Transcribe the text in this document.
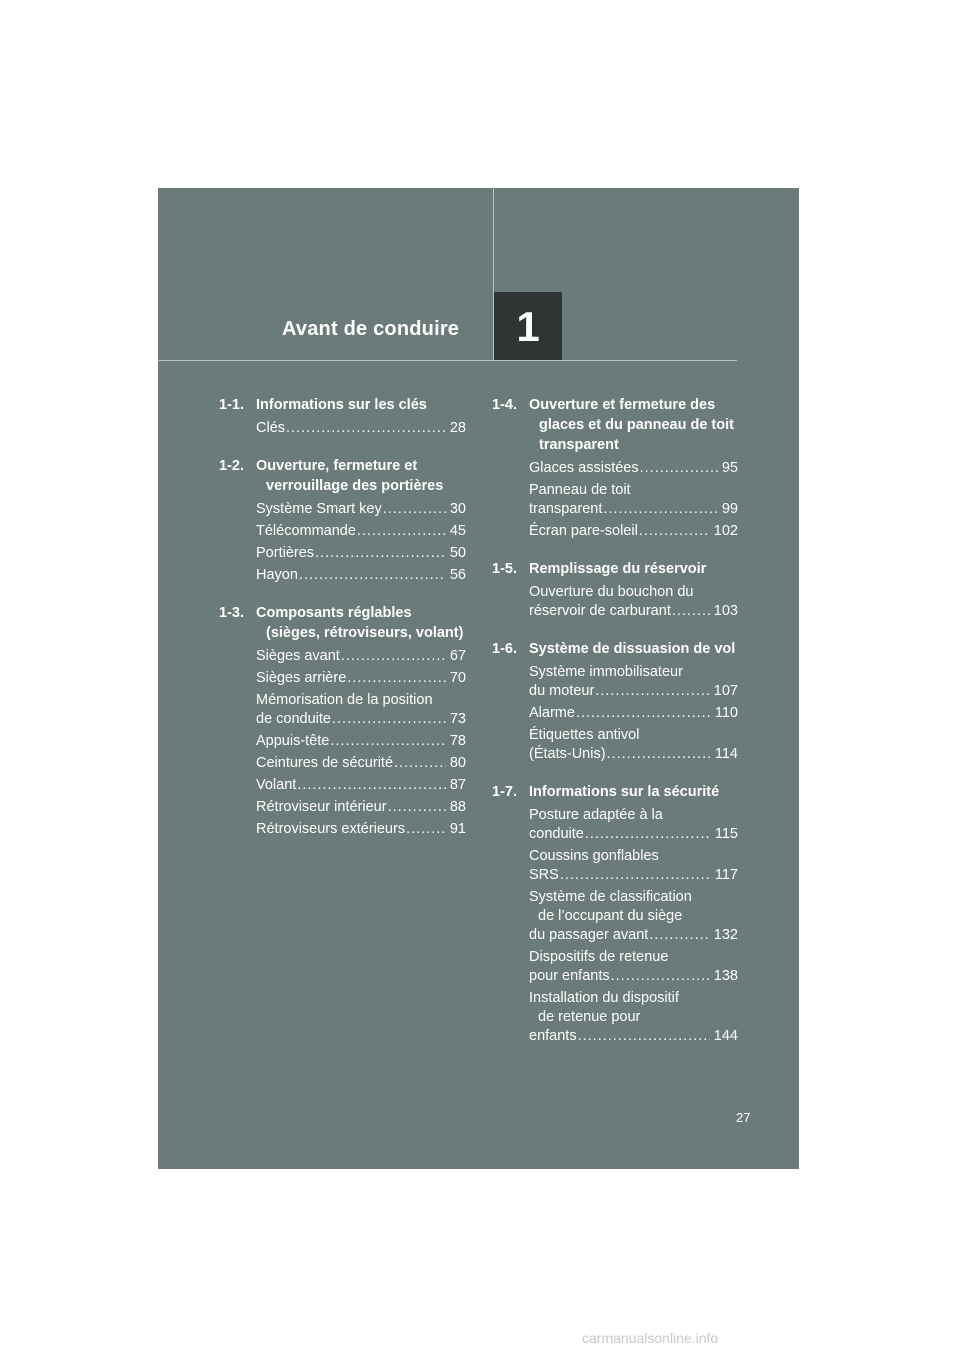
Avant de conduire	1
1-1. Informations sur les clés
Clés .....	28
1-2. Ouverture, fermeture et verrouillage des portières
Système Smart key .....	30
Télécommande .....	45
Portières .....	50
Hayon .....	56
1-3. Composants réglables (sièges, rétroviseurs, volant)
Sièges avant .....	67
Sièges arrière .....	70
Mémorisation de la position
de conduite .....	73
Appuis-tête .....	78
Ceintures de sécurité .....	80
Volant .....	87
Rétroviseur intérieur .....	88
Rétroviseurs extérieurs .....	91
1-4. Ouverture et fermeture des glaces et du panneau de toit transparent
Glaces assistées .....	95
Panneau de toit
transparent .....	99
Écran pare-soleil .....	102
1-5. Remplissage du réservoir
Ouverture du bouchon du
réservoir de carburant .....	103
1-6. Système de dissuasion de vol
Système immobilisateur
du moteur .....	107
Alarme .....	110
Étiquettes antivol
(États-Unis) .....	114
1-7. Informations sur la sécurité
Posture adaptée à la
conduite .....	115
Coussins gonflables
SRS .....	117
Système de classification
de l’occupant du siège
du passager avant .....	132
Dispositifs de retenue
pour enfants .....	138
Installation du dispositif
de retenue pour
enfants .....	144
27
carmanualsonline.info
